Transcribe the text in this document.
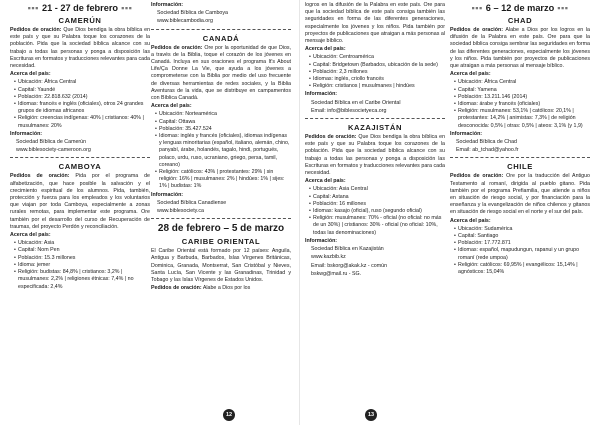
▪▪▪ 21 - 27 de febrero ▪▪▪
CAMERÚN

Pedidos de oración: Que Dios bendiga la obra bíblica en este país y que su Palabra toque los corazones de la población. Pida que la sociedad bíblica alcance con su trabajo a todas las personas y ponga a disposición las Escrituras en formatos y traducciones relevantes para cada necesidad.

Acerca del país:

• Ubicación: África Central
• Capital: Yaundé
• Población: 22.818.632 (2014)
• Idiomas: francés e inglés (oficiales), otros 24 grandes grupos de idiomas africanos
• Religión: creencias indígenas: 40% | cristianos: 40% | musulmanes: 20%

Información:

Sociedad Bíblica de Camerún

www.biblesociety-cameroon.org

CAMBOYA

Pedidos de oración: Pida por el programa de alfabetización, que hace posible la salvación y el crecimiento espiritual de los alumnos. Pida, también, protección y fuerza para los empleados y los voluntarios que viajan por toda Camboya, especialmente a zonas rurales remotas, para implementar este programa. Ore también por el desarrollo del curso de Recuperación de traumas, del proyecto Perdón y reconciliación.

Acerca del país:

• Ubicación: Asia
• Capital: Nom Pen
• Población: 15.3 millones
• Idioma: jemer
• Religión: budistas: 84,8% | cristianos: 3,2% | musulmanes: 2,2% | religiones étnicas: 7,4% | no especificada: 2,4%

Información:

Sociedad Bíblica de Camboya

www.biblecambodia.org

CANADÁ

Pedidos de oración: Ore por la oportunidad de que Dios, a través de la Biblia, toque el corazón de los jóvenes en Canadá. Incluya en sus oraciones el programa It's About Life/Ça Donne La Vie, que ayuda a los jóvenes a comprometerse con la Biblia por medio del uso frecuente de diversas herramientas de redes sociales, y la Biblia Aventuras de la vida, que se distribuye en campamentos con Bíblica Canadá.

Acerca del país:

• Ubicación: Norteamérica
• Capital: Ottawa
• Población: 35.427.524
• Idiomas: inglés y francés (oficiales), idiomas indígenas y lenguas minoritarias (español, italiano, alemán, chino, panyabí, árabe, holandés, tagalo, hindi, portugués, polaco, urdu, ruso, ucraniano, griego, persa, tamil, coreano)
• Religión: católicos: 43% | protestantes: 29% | sin religión: 16% | musulmanes: 2% | hindúes: 1% | sijes: 1% | budistas: 1%

Información:

Sociedad Bíblica Canadiense

www.biblesociety.ca

28 de febrero – 5 de marzo
CARIBE ORIENTAL

El Caribe Oriental está formado por 12 países: Anguila, Antigua y Barbuda, Barbados, Islas Vírgenes Británicas, Dominica, Granada, Montserrat, San Cristóbal y Nieves, Santa Lucía, San Vicente y las Granadinas, Trinidad y Tobago y las Islas Vírgenes de Estados Unidos.

Pedidos de oración: Alabe a Dios por los

12

logros en la difusión de la Palabra en este país. Ore para que la sociedad bíblica de este país consiga también las seguridades en forma de las diferentes generaciones, especialmente los jóvenes y los niños. Pida también por proyectos de publicaciones que atraigan a más personas al mensaje bíblico.

Acerca del país:

• Ubicación: Centroamérica
• Capital: Bridgetown (Barbados, ubicación de la sede)
• Población: 2,3 millones
• Idiomas: inglés, criollo francés
• Religión: cristianos | musulmanes | hindúes

Información:

Sociedad Bíblica en el Caribe Oriental

Email: info@biblesocietyeca.org

KAZAJISTÁN

Pedidos de oración: Que Dios bendiga la obra bíblica en este país y que su Palabra toque los corazones de la población. Pida que la sociedad bíblica alcance con su trabajo a todas las personas y ponga a disposición las Escrituras en formatos y traducciones relevantes para cada necesidad.

Acerca del país:

• Ubicación: Asia Central
• Capital: Astana
• Población: 16 millones
• Idiomas: kasajo (oficial), ruso (segundo oficial)
• Religión: musulmanes: 70% - oficial (no oficial: no más de un 30%) | cristianos: 30% - oficial (no oficial: 10%, todas las denominaciones)

Información:

Sociedad Bíblica en Kazajistán

www.kazbib.kz

Email: bskorg@akak.kz - común

bskwg@mail.ru - SG.

▪▪▪ 6 – 12 de marzo ▪▪▪
CHAD

Pedidos de oración: Alabe a Dios por los logros en la difusión de la Palabra en este país. Ore para que la sociedad bíblica consiga sembrar las seguridades en forma de las diferentes generaciones, especialmente los jóvenes y los niños. Pida también por proyectos de publicaciones que atraigan a más personas al mensaje bíblico.

Acerca del país:

• Ubicación: África Central
• Capital: Yamena
• Población: 13.211.146 (2014)
• Idiomas: árabe y francés (oficiales)
• Religión: musulmanes: 53,1% | católicos: 20,1% | protestantes: 14,2% | animistas: 7,3% | de religión desconocida: 0,5% | otras: 0,5% | ateos: 3,1% (y 1,9)

Información:

Sociedad Bíblica de Chad

Email: ab_tchad@yahoo.fr

CHILE

Pedidos de oración: Ore por la traducción del Antiguo Testamento al romaní, dirigida al pueblo gitano. Pida también por el programa Prefiamilia, que atiende a niños en situación de riesgo social, y por financiación para la enseñanza y la evangelización de niños chilenos y gitanos en situación de riesgo social en el norte y el sur del país.

Acerca del país:

• Ubicación: Sudamérica
• Capital: Santiago
• Población: 17.772.871
• Idiomas: español, mapudungun, rapanui y un grupo romaní (rede umpoa)
• Religión: católicos: 69,95% | evangélicos: 15,14% | agnósticos: 15,04%
13
